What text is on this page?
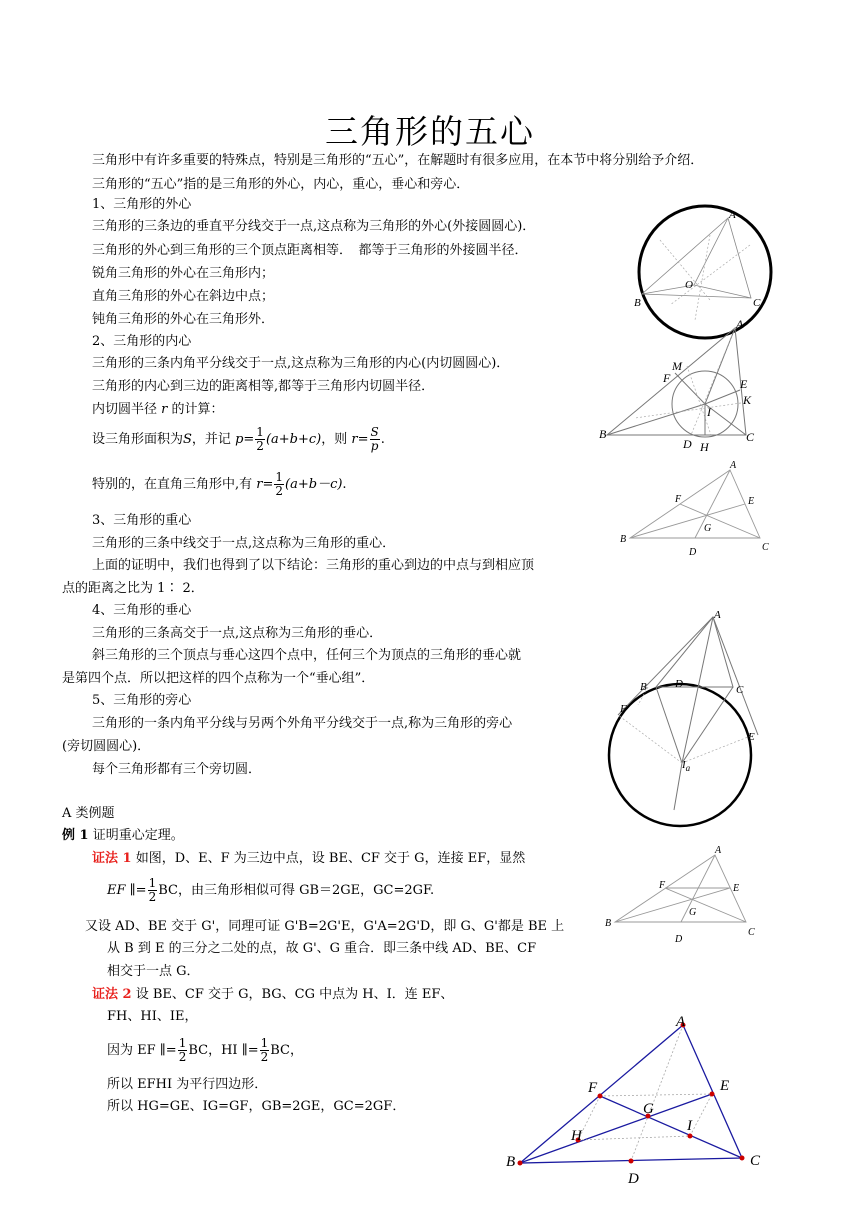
三角形的五心
三角形中有许多重要的特殊点，特别是三角形的“五心”，在解题时有很多应用，在本节中将分别给予介绍．
三角形的“五心”指的是三角形的外心，内心，重心，垂心和旁心．
1、三角形的外心
三角形的三条边的垂直平分线交于一点,这点称为三角形的外心(外接圆圆心)．
三角形的外心到三角形的三个顶点距离相等．　都等于三角形的外接圆半径．
锐角三角形的外心在三角形内；
直角三角形的外心在斜边中点；
钝角三角形的外心在三角形外．
2、三角形的内心
三角形的三条内角平分线交于一点,这点称为三角形的内心(内切圆圆心)．
三角形的内心到三边的距离相等,都等于三角形内切圆半径．
内切圆半径 r 的计算：
设三角形面积为S，并记 $p= \frac{1}{2} (a+b+c)$，则 $r= \frac{S}{p}$ .
特别的，在直角三角形中,有 $r= \frac{1}{2} (a+b-c)$.
3、三角形的重心
三角形的三条中线交于一点,这点称为三角形的重心．
上面的证明中，我们也得到了以下结论：三角形的重心到边的中点与到相应顶
点的距离之比为 1∶ 2．
4、三角形的垂心
三角形的三条高交于一点,这点称为三角形的垂心．
斜三角形的三个顶点与垂心这四个点中，任何三个为顶点的三角形的垂心就
是第四个点．所以把这样的四个点称为一个“垂心组”．
5、三角形的旁心
三角形的一条内角平分线与另两个外角平分线交于一点,称为三角形的旁心
(旁切圆圆心)．
每个三角形都有三个旁切圆．
A 类例题
例 1 证明重心定理。
证法 1 如图，D、E、F 为三边中点，设 BE、CF 交于 G，连接 EF，显然
EF ∥= $\frac{1}{2}$ BC，由三角形相似可得 GB＝2GE，GC=2GF.
又设 AD、BE 交于 G'，同理可证 G'B=2G'E，G'A=2G'D，即 G、G'都是 BE 上
从 B 到 E 的三分之二处的点，故 G'、G 重合．即三条中线 AD、BE、CF
相交于一点 G．
证法 2 设 BE、CF 交于 G，BG、CG 中点为 H、I．连 EF、
FH、HI、IE，
因为 EF ∥= $\frac{1}{2}$ BC，HI ∥= $\frac{1}{2}$ BC，
所以 EFHI 为平行四边形．
所以 HG=GE、IG=GF，GB=2GE，GC=2GF．
A
B	C
O
A
B	C
M
F	E
K
I
D H
A
B
C
F	E
G
D
A
B	D	C
F
E
$I_a$
A
B
C
F	E
G
D
A
B	C
D
E
F
G
H
I
